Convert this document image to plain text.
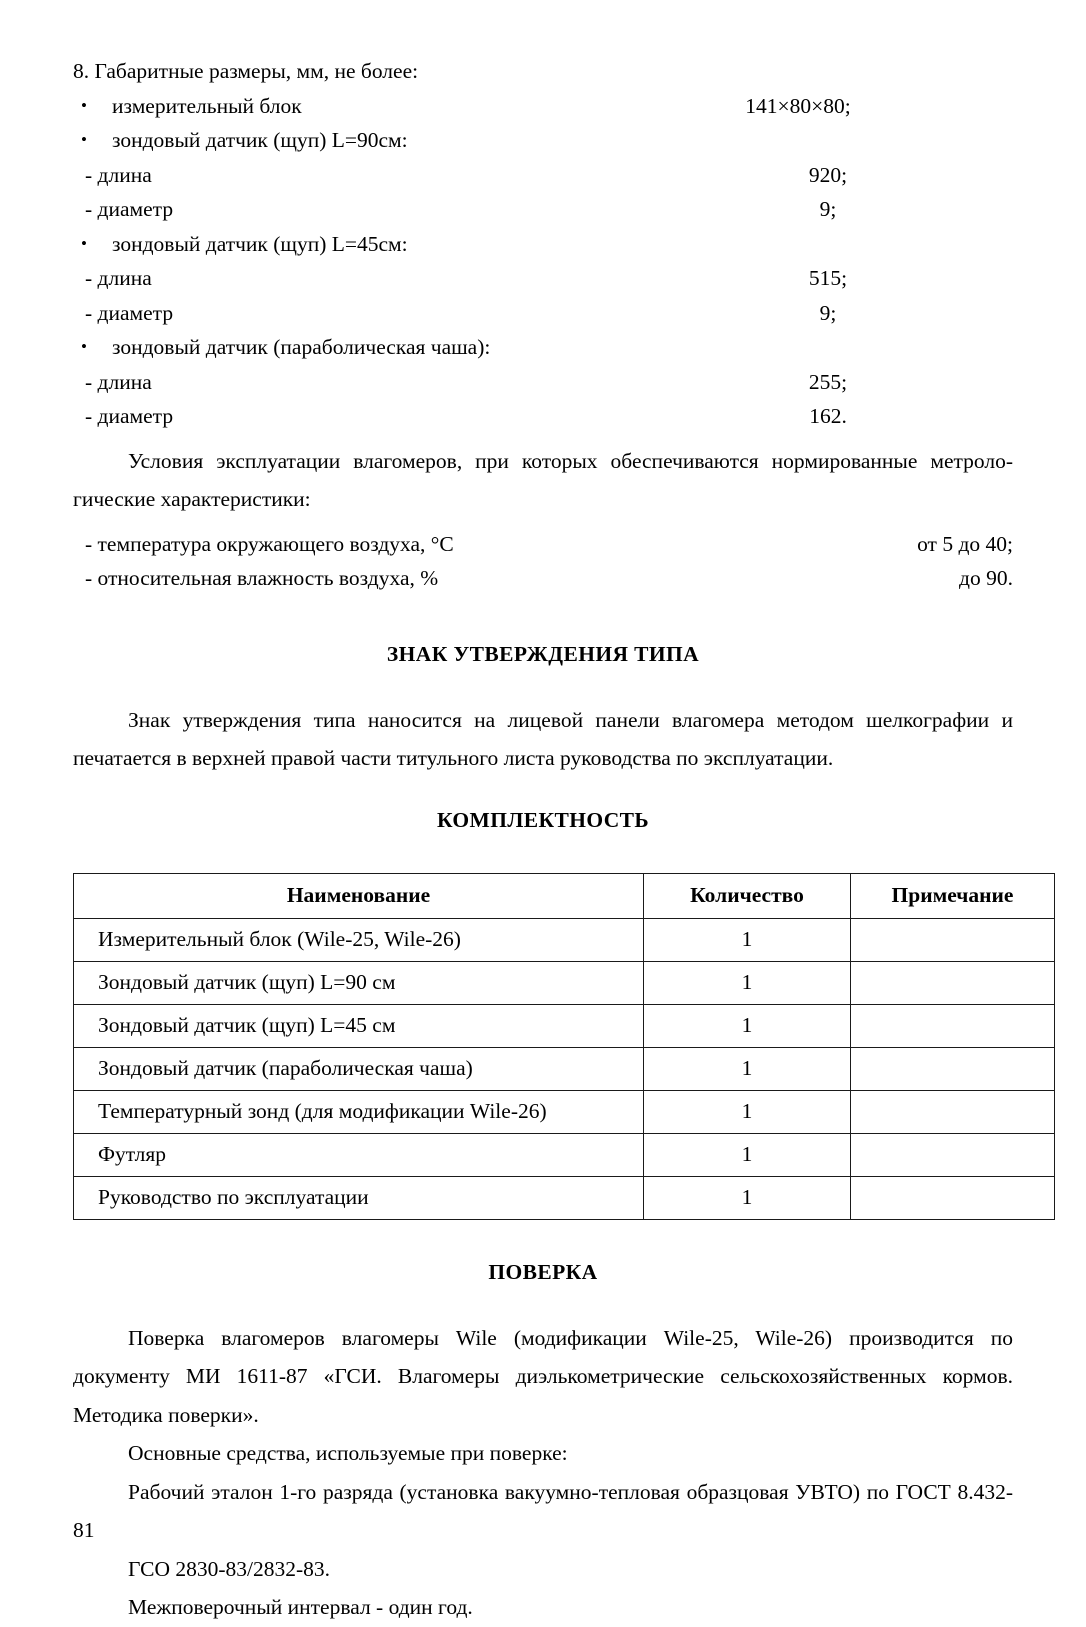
8. Габаритные размеры, мм, не более:
• измерительный блок	141×80×80;
• зондовый датчик (щуп) L=90см:
- длина	920;
- диаметр	9;
• зондовый датчик (щуп) L=45см:
- длина	515;
- диаметр	9;
• зондовый датчик (параболическая чаша):
- длина	255;
- диаметр	162.

Условия эксплуатации влагомеров, при которых обеспечиваются нормированные метроло-гические характеристики:

- температура окружающего воздуха, °С	от 5 до 40;
- относительная влажность воздуха, %	до 90.
ЗНАК УТВЕРЖДЕНИЯ ТИПА

Знак утверждения типа наносится на лицевой панели влагомера методом шелкографии и печатается в верхней правой части титульного листа руководства по эксплуатации.

КОМПЛЕКТНОСТЬ
Наименование	Количество	Примечание
Измерительный блок (Wile-25, Wile-26)	1	
Зондовый датчик (щуп) L=90 см	1	
Зондовый датчик (щуп) L=45 см	1	
Зондовый датчик (параболическая чаша)	1	
Температурный зонд (для модификации Wile-26)	1	
Футляр	1	
Руководство по эксплуатации	1	
ПОВЕРКА

Поверка влагомеров влагомеры Wile (модификации Wile-25, Wile-26) производится по документу МИ 1611-87 «ГСИ. Влагомеры диэлькометрические сельскохозяйственных кормов. Методика поверки».

Основные средства, используемые при поверке:

Рабочий эталон 1-го разряда (установка вакуумно-тепловая образцовая УВТО) по ГОСТ 8.432-81

ГСО 2830-83/2832-83.

Межповерочный интервал - один год.
